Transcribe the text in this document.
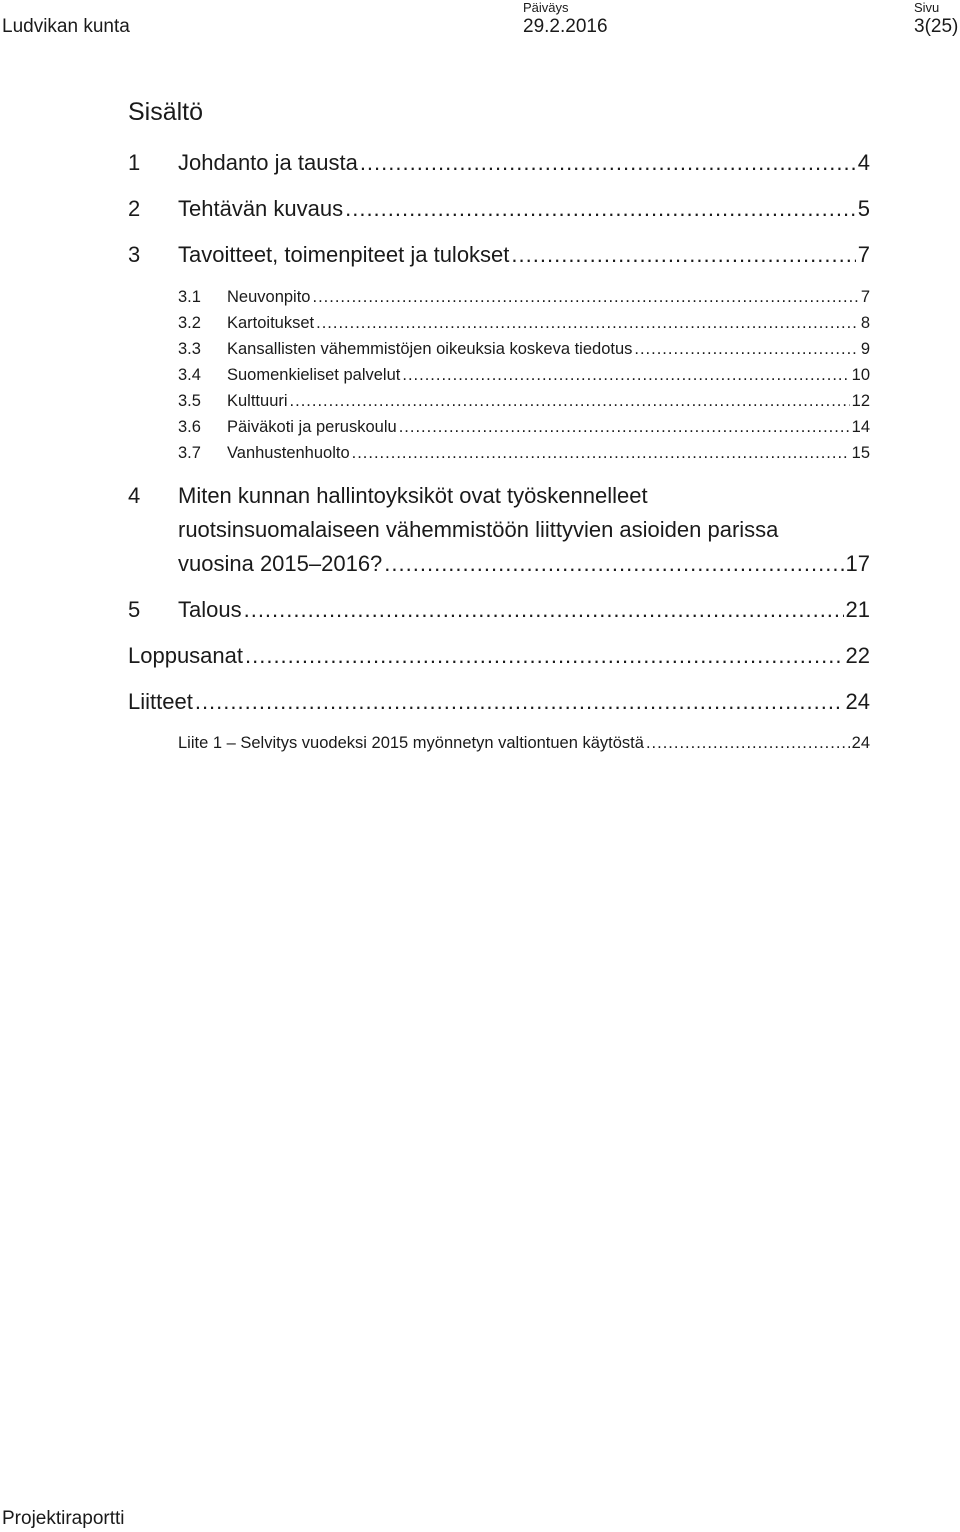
Ludvikan kunta
Päiväys
29.2.2016
Sivu
3(25)
Sisältö
1	Johdanto ja tausta .....	4
2	Tehtävän kuvaus .....	5
3	Tavoitteet, toimenpiteet ja tulokset .....	7
3.1	Neuvonpito .....	7
3.2	Kartoitukset .....	8
3.3	Kansallisten vähemmistöjen oikeuksia koskeva tiedotus .....	9
3.4	Suomenkieliset palvelut .....	10
3.5	Kulttuuri .....	12
3.6	Päiväkoti ja peruskoulu .....	14
3.7	Vanhustenhuolto .....	15
4 Miten kunnan hallintoyksiköt ovat työskennelleet
ruotsinsuomalaiseen vähemmistöön liittyvien asioiden parissa
vuosina 2015–2016? .....	17
5	Talous .....	21
Loppusanat .....	22
Liitteet .....	24
Liite 1 – Selvitys vuodeksi 2015 myönnetyn valtiontuen käytöstä .....	24
Projektiraportti
